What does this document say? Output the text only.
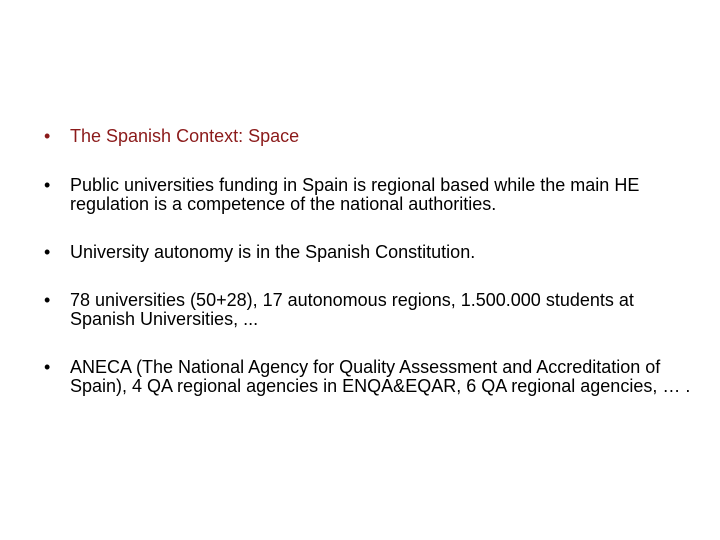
•	The Spanish Context: Space
•	Public universities funding in Spain is regional based while the main HE regulation is a competence of the national authorities.
•	University autonomy is in the Spanish Constitution.
•	78 universities (50+28), 17 autonomous regions, 1.500.000 students at Spanish Universities, ...
•	ANECA (The National Agency for Quality Assessment and Accreditation of Spain), 4 QA regional agencies in ENQA&EQAR, 6 QA regional agencies, … .
